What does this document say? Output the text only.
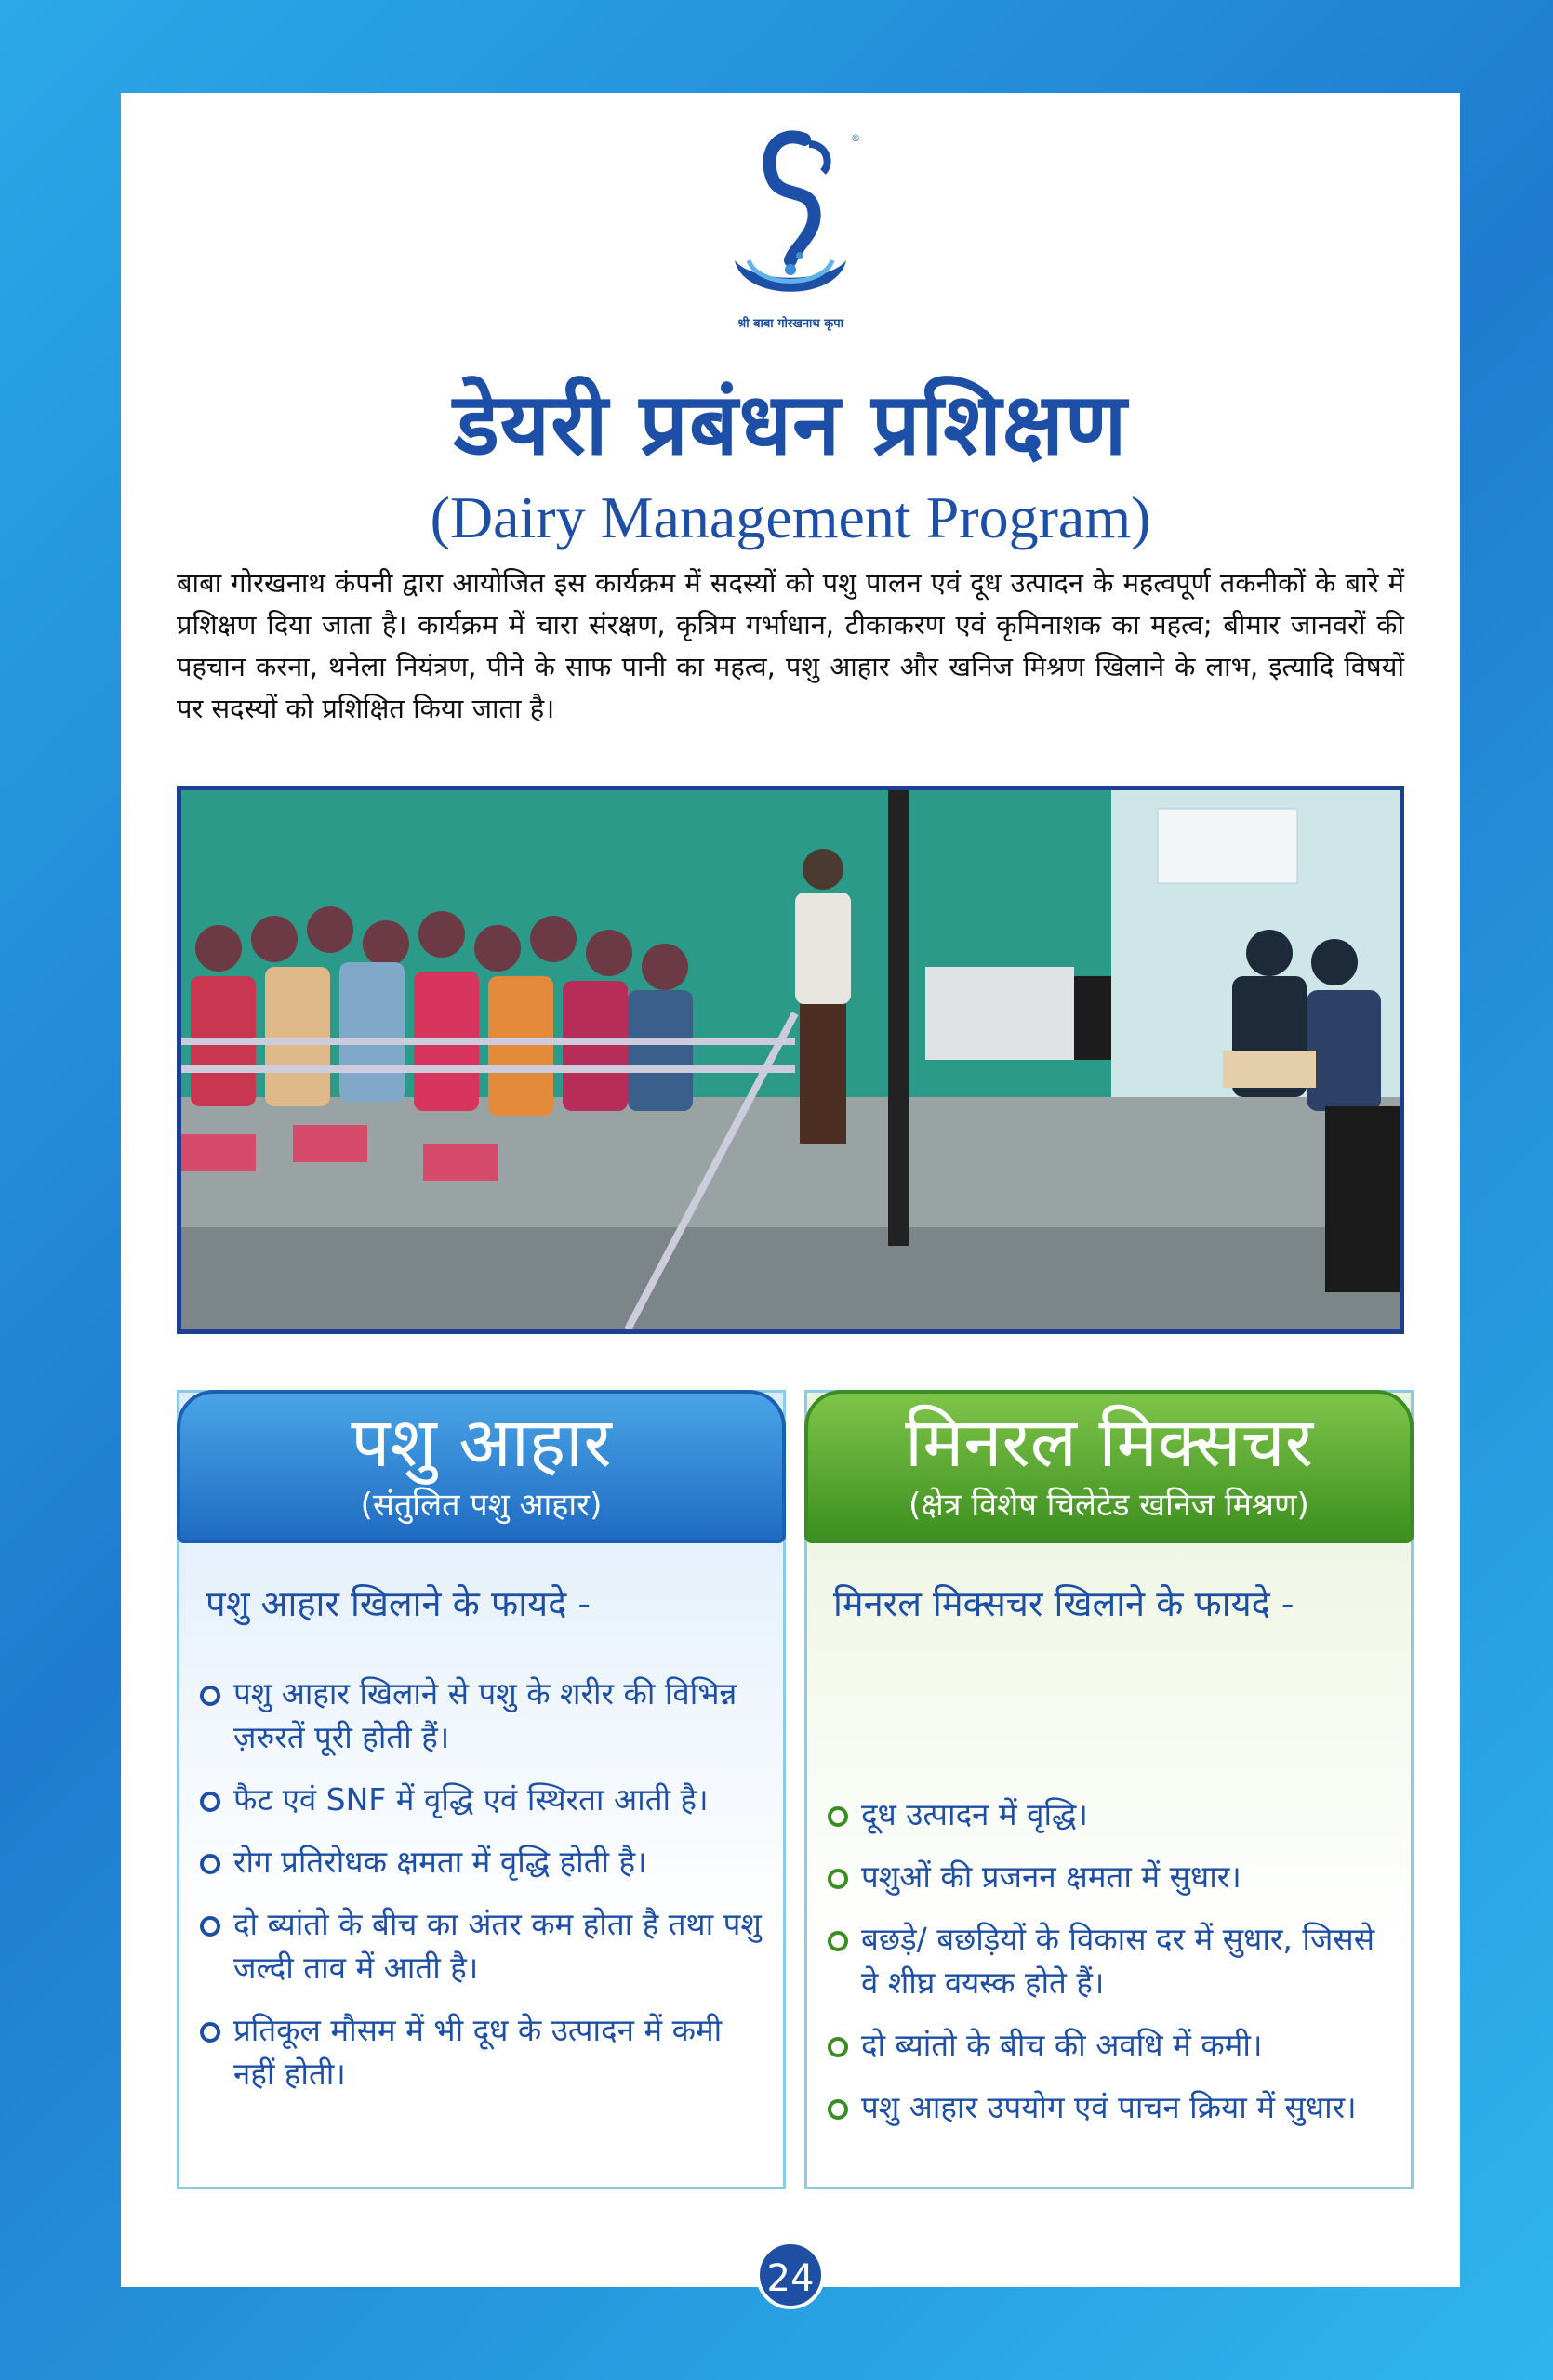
®
श्री बाबा गोरखनाथ कृपा
डेयरी प्रबंधन प्रशिक्षण
(Dairy Management Program)
बाबा गोरखनाथ कंपनी द्वारा आयोजित इस कार्यक्रम में सदस्यों को पशु पालन एवं दूध उत्पादन के महत्वपूर्ण तकनीकों के बारे में प्रशिक्षण दिया जाता है। कार्यक्रम में चारा संरक्षण, कृत्रिम गर्भाधान, टीकाकरण एवं कृमिनाशक का महत्व; बीमार जानवरों की पहचान करना, थनेला नियंत्रण, पीने के साफ पानी का महत्व, पशु आहार और खनिज मिश्रण खिलाने के लाभ, इत्यादि विषयों पर सदस्यों को प्रशिक्षित किया जाता है।
पशु आहार
(संतुलित पशु आहार)
पशु आहार खिलाने के फायदे -
पशु आहार खिलाने से पशु के शरीर की विभिन्न ज़रुरतें पूरी होती हैं।
फैट एवं SNF में वृद्धि एवं स्थिरता आती है।
रोग प्रतिरोधक क्षमता में वृद्धि होती है।
दो ब्यांतो के बीच का अंतर कम होता है तथा पशु जल्दी ताव में आती है।
प्रतिकूल मौसम में भी दूध के उत्पादन में कमी नहीं होती।
मिनरल मिक्सचर
(क्षेत्र विशेष चिलेटेड खनिज मिश्रण)
मिनरल मिक्सचर खिलाने के फायदे -
दूध उत्पादन में वृद्धि।
पशुओं की प्रजनन क्षमता में सुधार।
बछड़े/ बछड़ियों के विकास दर में सुधार, जिससे वे शीघ्र वयस्क होते हैं।
दो ब्यांतो के बीच की अवधि में कमी।
पशु आहार उपयोग एवं पाचन क्रिया में सुधार।
24
